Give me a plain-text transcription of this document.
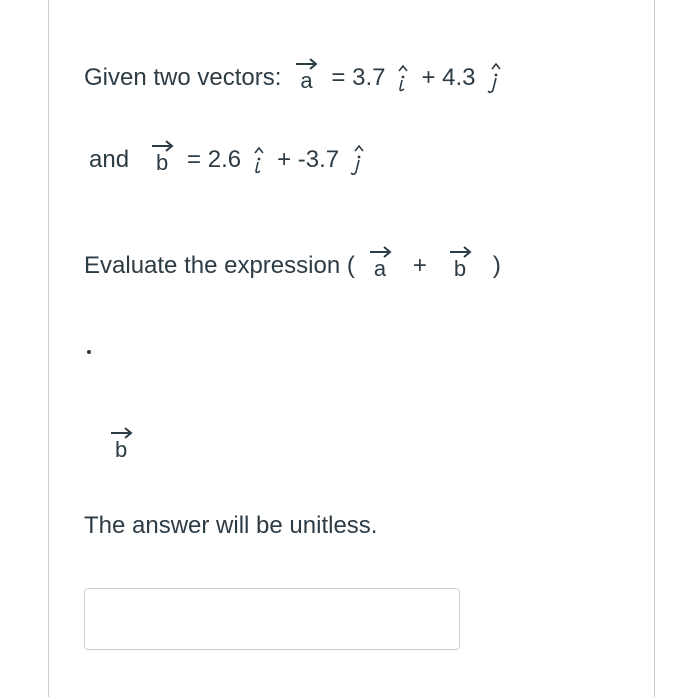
Given two vectors: a = 3.7 + 4.3
and b = 2.6 + -3.7
Evaluate the expression ( a + b )
b
The answer will be unitless.
